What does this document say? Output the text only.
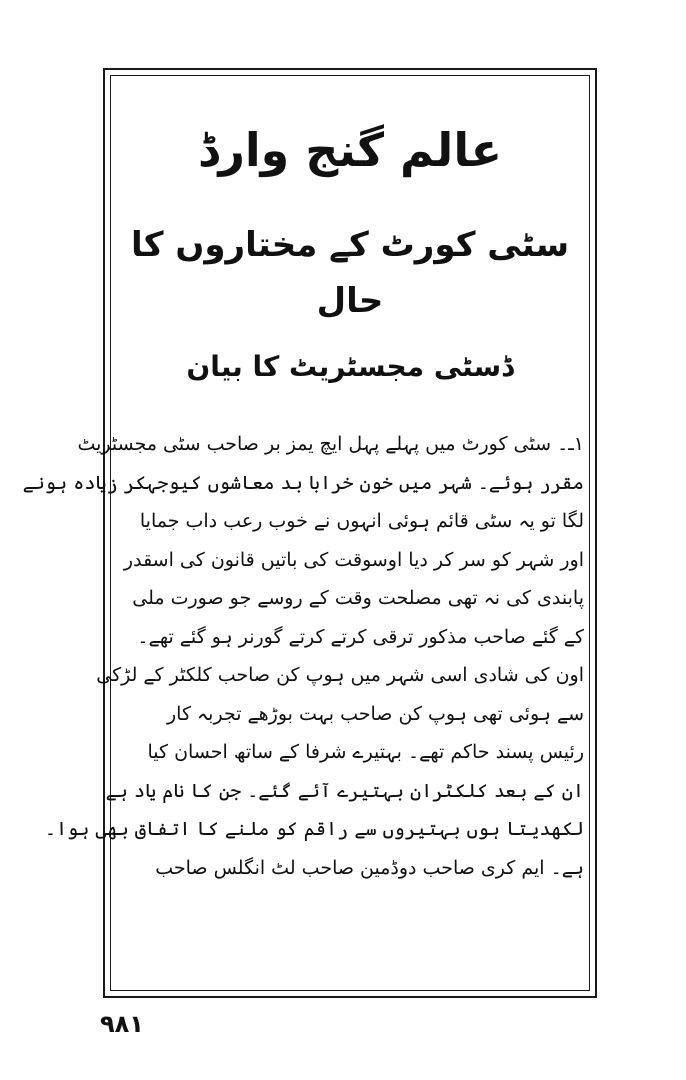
عالم گنج وارڈ
سٹی کورٹ کے مختاروں کا حال
ڈسٹی مجسٹریٹ کا بیان
۱ـ۔ سٹی کورٹ میں پہلے پہل ایچ یمز بر صاحب سٹی مجسٹریٹ
مقرر ہوئے۔ شہر میں خون خرابا بد معاشوں کیوجہکر زیادہ ہونے
لگا تو یہ سٹی قائم ہوئی انہوں نے خوب رعب داب جمایا
اور شہر کو سر کر دیا اوسوقت کی باتیں قانون کی اسقدر
پابندی کی نہ تھی مصلحت وقت کے روسے جو صورت ملی
کے گئے صاحب مذکور ترقی کرتے کرتے گورنر ہو گئے تھے۔
اون کی شادی اسی شہر میں ہوپ کن صاحب کلکٹر کے لڑکی
سے ہوئی تھی ہوپ کن صاحب بہت بوڑھے تجربہ کار
رئیس پسند حاکم تھے۔ بہتیرے شرفا کے ساتھ احسان کیا
ان کے بعد کلکٹران بہتیرے آئے گئے۔ جن کا نام یاد ہے
لکھدیتا ہوں بہتیروں سے راقم کو ملنے کا اتفاق بھی ہوا۔
ہے۔ ایم کری صاحب دوڈمین صاحب لٹ انگلس صاحب
۹۸۱
